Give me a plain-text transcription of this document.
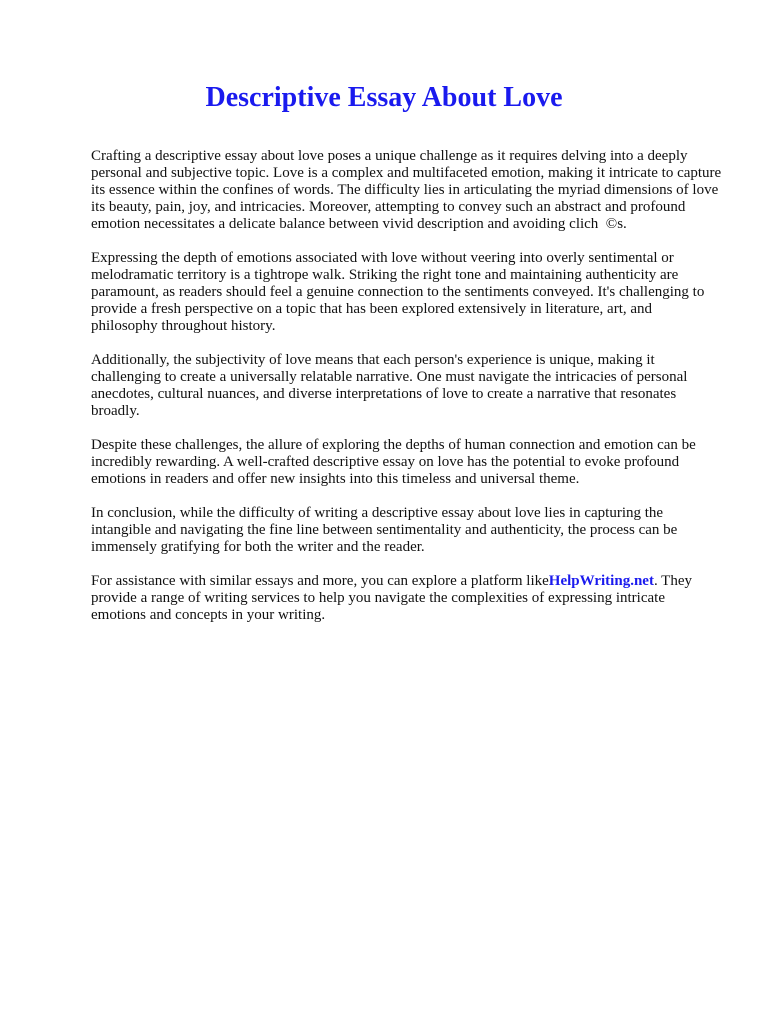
Descriptive Essay About Love

Crafting a descriptive essay about love poses a unique challenge as it requires delving into a deeply personal and subjective topic. Love is a complex and multifaceted emotion, making it intricate to capture its essence within the confines of words. The difficulty lies in articulating the myriad dimensions of love       its beauty, pain, joy, and intricacies. Moreover, attempting to convey such an abstract and profound emotion necessitates a delicate balance between vivid description and avoiding clich  ©s.

Expressing the depth of emotions associated with love without veering into overly sentimental or melodramatic territory is a tightrope walk. Striking the right tone and maintaining authenticity are paramount, as readers should feel a genuine connection to the sentiments conveyed. It's challenging to provide a fresh perspective on a topic that has been explored extensively in literature, art, and philosophy throughout history.

Additionally, the subjectivity of love means that each person's experience is unique, making it challenging to create a universally relatable narrative. One must navigate the intricacies of personal anecdotes, cultural nuances, and diverse interpretations of love to create a narrative that resonates broadly.

Despite these challenges, the allure of exploring the depths of human connection and emotion can be incredibly rewarding. A well-crafted descriptive essay on love has the potential to evoke profound emotions in readers and offer new insights into this timeless and universal theme.

In conclusion, while the difficulty of writing a descriptive essay about love lies in capturing the intangible and navigating the fine line between sentimentality and authenticity, the process can be immensely gratifying for both the writer and the reader.

For assistance with similar essays and more, you can explore a platform likeHelpWriting.net. They provide a range of writing services to help you navigate the complexities of expressing intricate emotions and concepts in your writing.
